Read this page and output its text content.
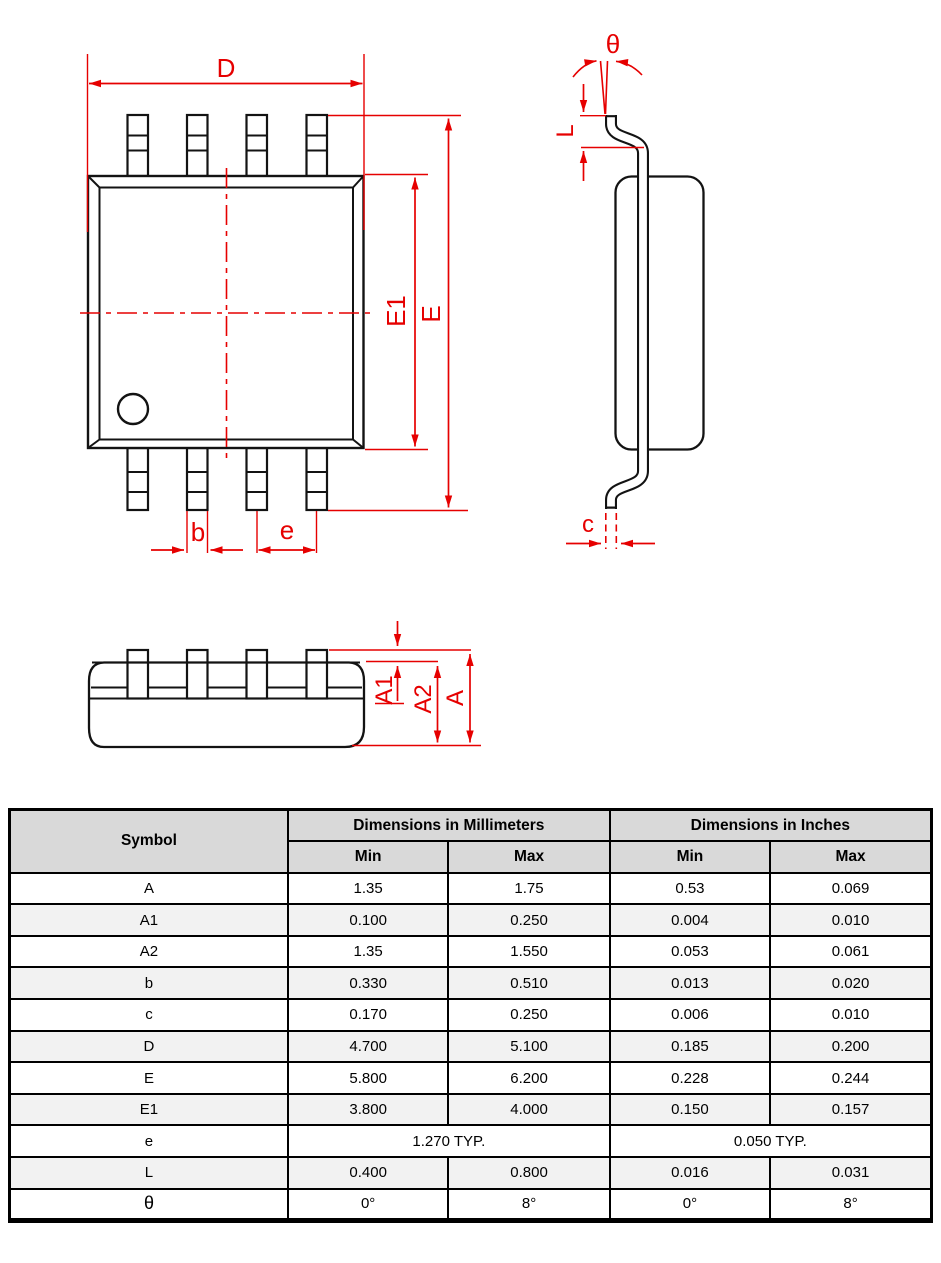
D
E1 E
b	e
θ
L
c
A1 A2 A
Symbol	Dimensions in Millimeters		Dimensions in Inches	
	Min	Max	Min	Max
A	1.35	1.75	0.53	0.069
A1	0.100	0.250	0.004	0.010
A2	1.35	1.550	0.053	0.061
b	0.330	0.510	0.013	0.020
c	0.170	0.250	0.006	0.010
D	4.700	5.100	0.185	0.200
E	5.800	6.200	0.228	0.244
E1	3.800	4.000	0.150	0.157
e	1.270 TYP.		0.050 TYP.	
L	0.400	0.800	0.016	0.031
θ	0°	8°	0°	8°
